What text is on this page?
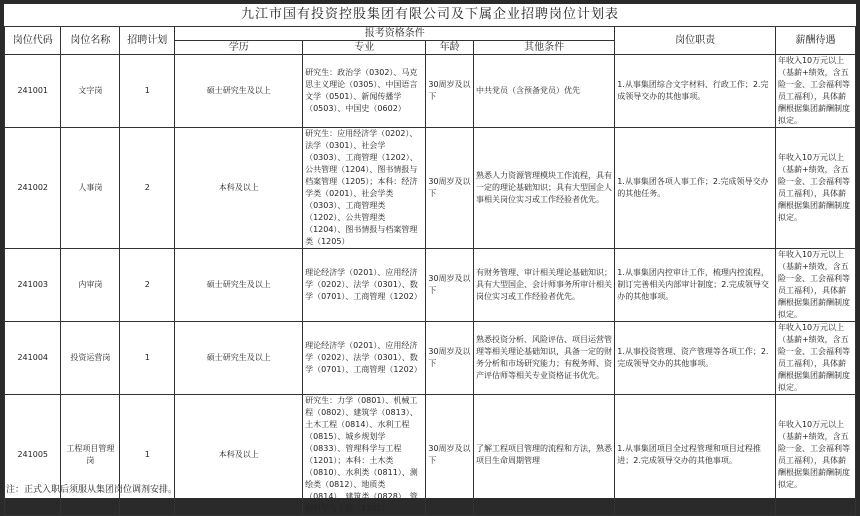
九江市国有投资控股集团有限公司及下属企业招聘岗位计划表
岗位代码	岗位名称	招聘计划	报考资格条件				岗位职责	薪酬待遇
			学历	专业	年龄	其他条件		
241001	文字岗	1	硕士研究生及以上	研究生：政治学（0302）、马克思主义理论（0305）、中国语言文学（0501）、新闻传播学（0503）、中国史（0602）	30周岁及以下	中共党员（含预备党员）优先	1.从事集团综合文字材料、行政工作；2.完成领导交办的其他事项。	年收入10万元以上（基薪+绩效，含五险一金、工会福利等员工福利），具体薪酬根据集团薪酬制度拟定。
241002	人事岗	2	本科及以上	研究生：应用经济学（0202）、法学（0301）、社会学（0303）、工商管理（1202）、公共管理（1204）、图书情报与档案管理（1205）；本科：经济学类（0201）、社会学类（0303）、工商管理类（1202）、公共管理类（1204）、图书情报与档案管理类（1205）	30周岁及以下	熟悉人力资源管理模块工作流程，具有一定的理论基础知识；具有大型国企人事相关岗位实习或工作经验者优先。	1.从事集团各项人事工作；2.完成领导交办的其他任务。	年收入10万元以上（基薪+绩效，含五险一金、工会福利等员工福利），具体薪酬根据集团薪酬制度拟定。
241003	内审岗	2	硕士研究生及以上	理论经济学（0201）、应用经济学（0202）、法学（0301）、数学（0701）、工商管理（1202）	30周岁及以下	有财务管理、审计相关理论基础知识；具有大型国企、会计师事务所审计相关岗位实习或工作经验者优先。	1.从事集团内控审计工作，梳理内控流程，制订完善相关内部审计制度；2.完成领导交办的其他事项。	年收入10万元以上（基薪+绩效，含五险一金、工会福利等员工福利），具体薪酬根据集团薪酬制度拟定。
241004	投资运营岗	1	硕士研究生及以上	理论经济学（0201）、应用经济学（0202）、法学（0301）、数学（0701）、工商管理（1202）	30周岁及以下	熟悉投资分析、风险评估、项目运营管理等相关理论基础知识，具备一定的财务分析和市场研究能力；有税务师、资产评估师等相关专业资格证书优先。	1.从事投资管理、资产管理等各项工作；2.完成领导交办的其他事项。	年收入10万元以上（基薪+绩效，含五险一金、工会福利等员工福利），具体薪酬根据集团薪酬制度拟定。
241005	工程项目管理岗	1	本科及以上	研究生：力学（0801）、机械工程（0802）、建筑学（0813）、土木工程（0814）、水利工程（0815）、城乡规划学（0833）、管理科学与工程（1201）；本科：土木类（0810）、水利类（0811）、测绘类（0812）、地质类（0814）、建筑类（0828）、管理科学与工程（1201）	30周岁及以下	了解工程项目管理的流程和方法，熟悉项目生命周期管理	1.从事集团项目全过程管理和项目过程推进；2.完成领导交办的其他事项。	年收入10万元以上（基薪+绩效，含五险一金、工会福利等员工福利），具体薪酬根据集团薪酬制度拟定。
注：正式入职后须服从集团岗位调剂安排。
